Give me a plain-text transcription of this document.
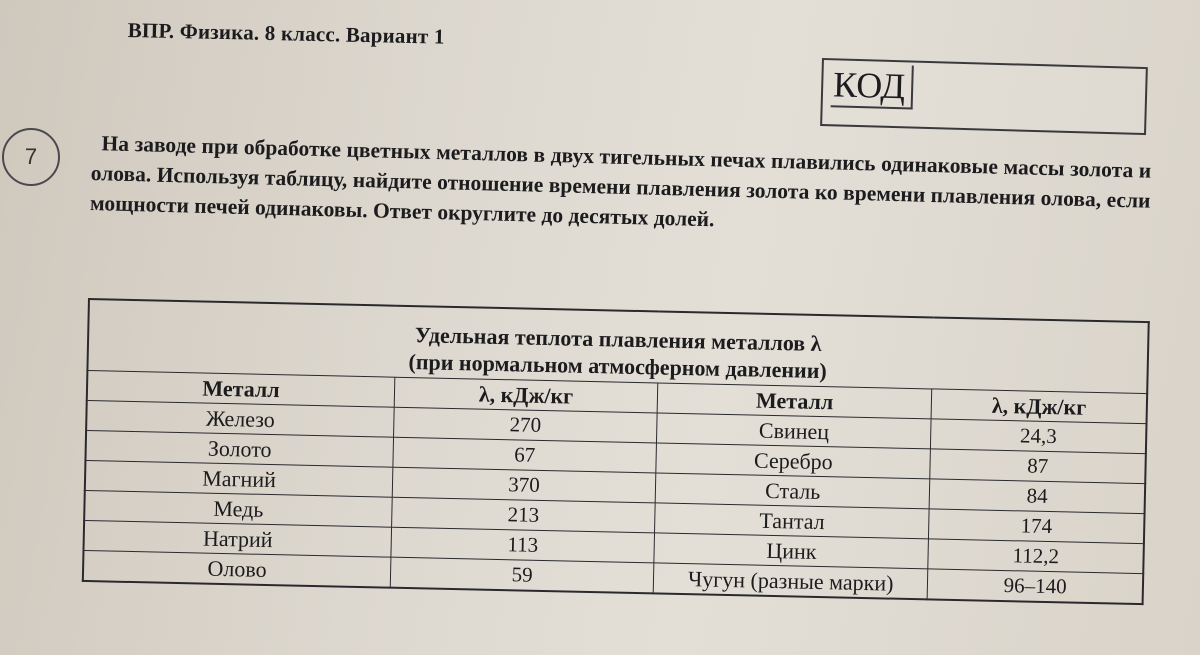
ВПР. Физика. 8 класс. Вариант 1
КОД
7	На заводе при обработке цветных металлов в двух тигельных печах плавились одинаковые массы золота и олова. Используя таблицу, найдите отношение времени плавления золота ко времени плавления олова, если мощности печей одинаковы. Ответ округлите до десятых долей.
Удельная теплота плавления металлов λ
(при нормальном атмосферном давлении)			

Металл	λ, кДж/кг	Металл	λ, кДж/кг
Железо	270	Свинец	24,3
Золото	67	Серебро	87
Магний	370	Сталь	84
Медь	213	Тантал	174
Натрий	113	Цинк	112,2
Олово	59	Чугун (разные марки)	96–140
